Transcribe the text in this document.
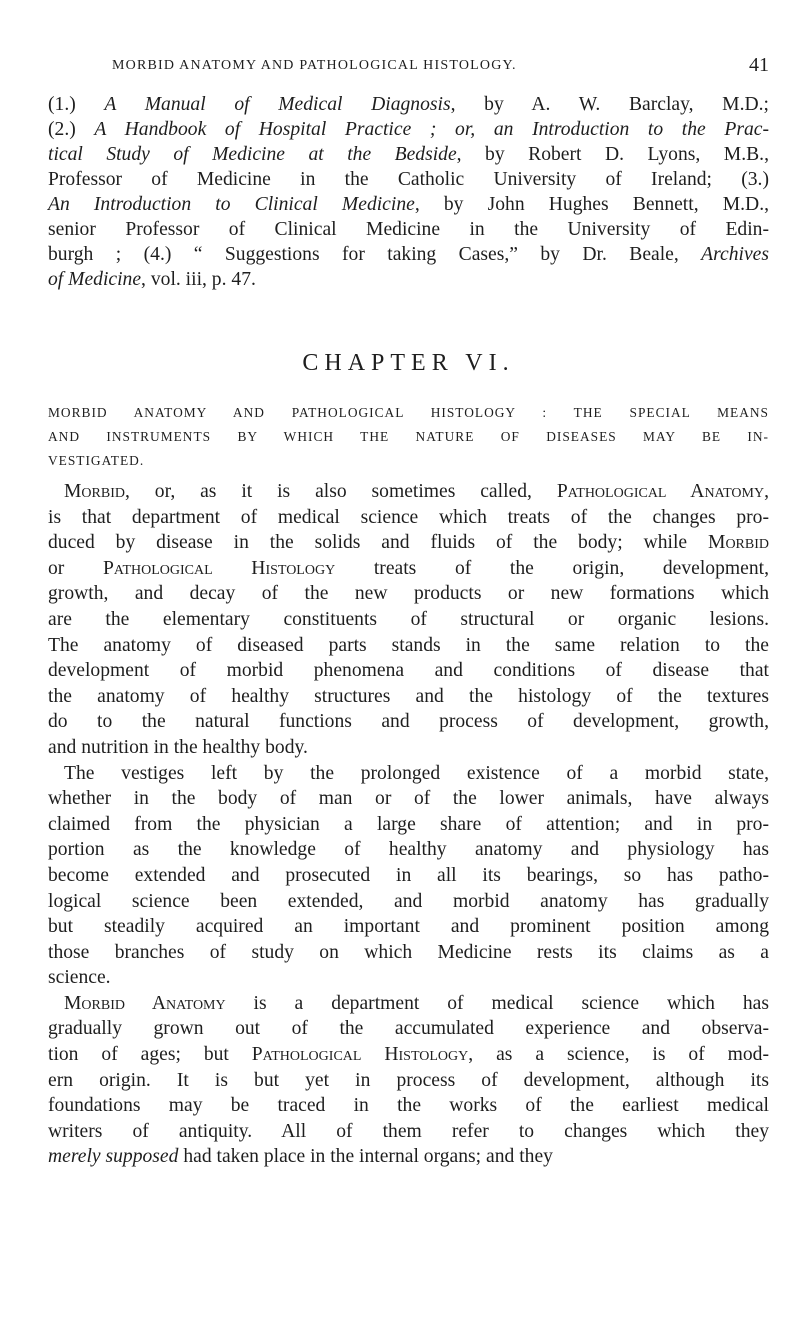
MORBID ANATOMY AND PATHOLOGICAL HISTOLOGY.	41
(1.) A Manual of Medical Diagnosis, by A. W. Barclay, M.D.;
(2.) A Handbook of Hospital Practice ; or, an Introduction to the Prac-
tical Study of Medicine at the Bedside, by Robert D. Lyons, M.B.,
Professor of Medicine in the Catholic University of Ireland; (3.)
An Introduction to Clinical Medicine, by John Hughes Bennett, M.D.,
senior Professor of Clinical Medicine in the University of Edin-
burgh ; (4.) “ Suggestions for taking Cases,” by Dr. Beale, Archives
of Medicine, vol. iii, p. 47.
CHAPTER VI.
MORBID ANATOMY AND PATHOLOGICAL HISTOLOGY : THE SPECIAL MEANS
AND INSTRUMENTS BY WHICH THE NATURE OF DISEASES MAY BE IN-
VESTIGATED.
Morbid, or, as it is also sometimes called, Pathological Anatomy,
is that department of medical science which treats of the changes pro-
duced by disease in the solids and fluids of the body; while Morbid
or Pathological Histology treats of the origin, development,
growth, and decay of the new products or new formations which
are the elementary constituents of structural or organic lesions.
The anatomy of diseased parts stands in the same relation to the
development of morbid phenomena and conditions of disease that
the anatomy of healthy structures and the histology of the textures
do to the natural functions and process of development, growth,
and nutrition in the healthy body.
The vestiges left by the prolonged existence of a morbid state,
whether in the body of man or of the lower animals, have always
claimed from the physician a large share of attention; and in pro-
portion as the knowledge of healthy anatomy and physiology has
become extended and prosecuted in all its bearings, so has patho-
logical science been extended, and morbid anatomy has gradually
but steadily acquired an important and prominent position among
those branches of study on which Medicine rests its claims as a
science.
Morbid Anatomy is a department of medical science which has
gradually grown out of the accumulated experience and observa-
tion of ages; but Pathological Histology, as a science, is of mod-
ern origin. It is but yet in process of development, although its
foundations may be traced in the works of the earliest medical
writers of antiquity. All of them refer to changes which they
merely supposed had taken place in the internal organs; and they
